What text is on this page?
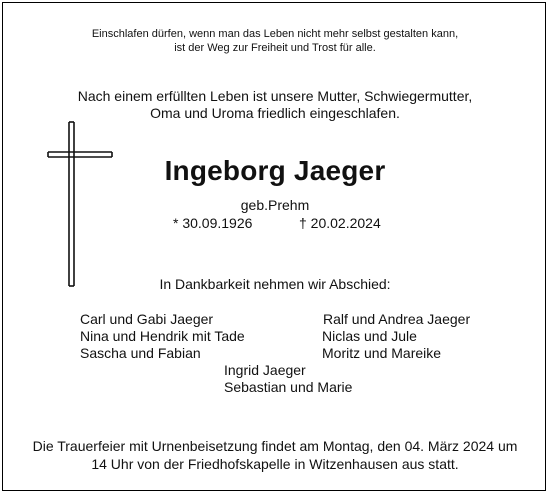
Einschlafen dürfen, wenn man das Leben nicht mehr selbst gestalten kann,
ist der Weg zur Freiheit und Trost für alle.
Nach einem erfüllten Leben ist unsere Mutter, Schwiegermutter,
Oma und Uroma friedlich eingeschlafen.
Ingeborg Jaeger
geb.Prehm
* 30.09.1926	† 20.02.2024
In Dankbarkeit nehmen wir Abschied:
Carl und Gabi Jaeger
Nina und Hendrik mit Tade
Sascha und Fabian
Ralf und Andrea Jaeger
Niclas und Jule
Moritz und Mareike
Ingrid Jaeger
Sebastian und Marie
Die Trauerfeier mit Urnenbeisetzung findet am Montag, den 04. März 2024 um
14 Uhr von der Friedhofskapelle in Witzenhausen aus statt.
